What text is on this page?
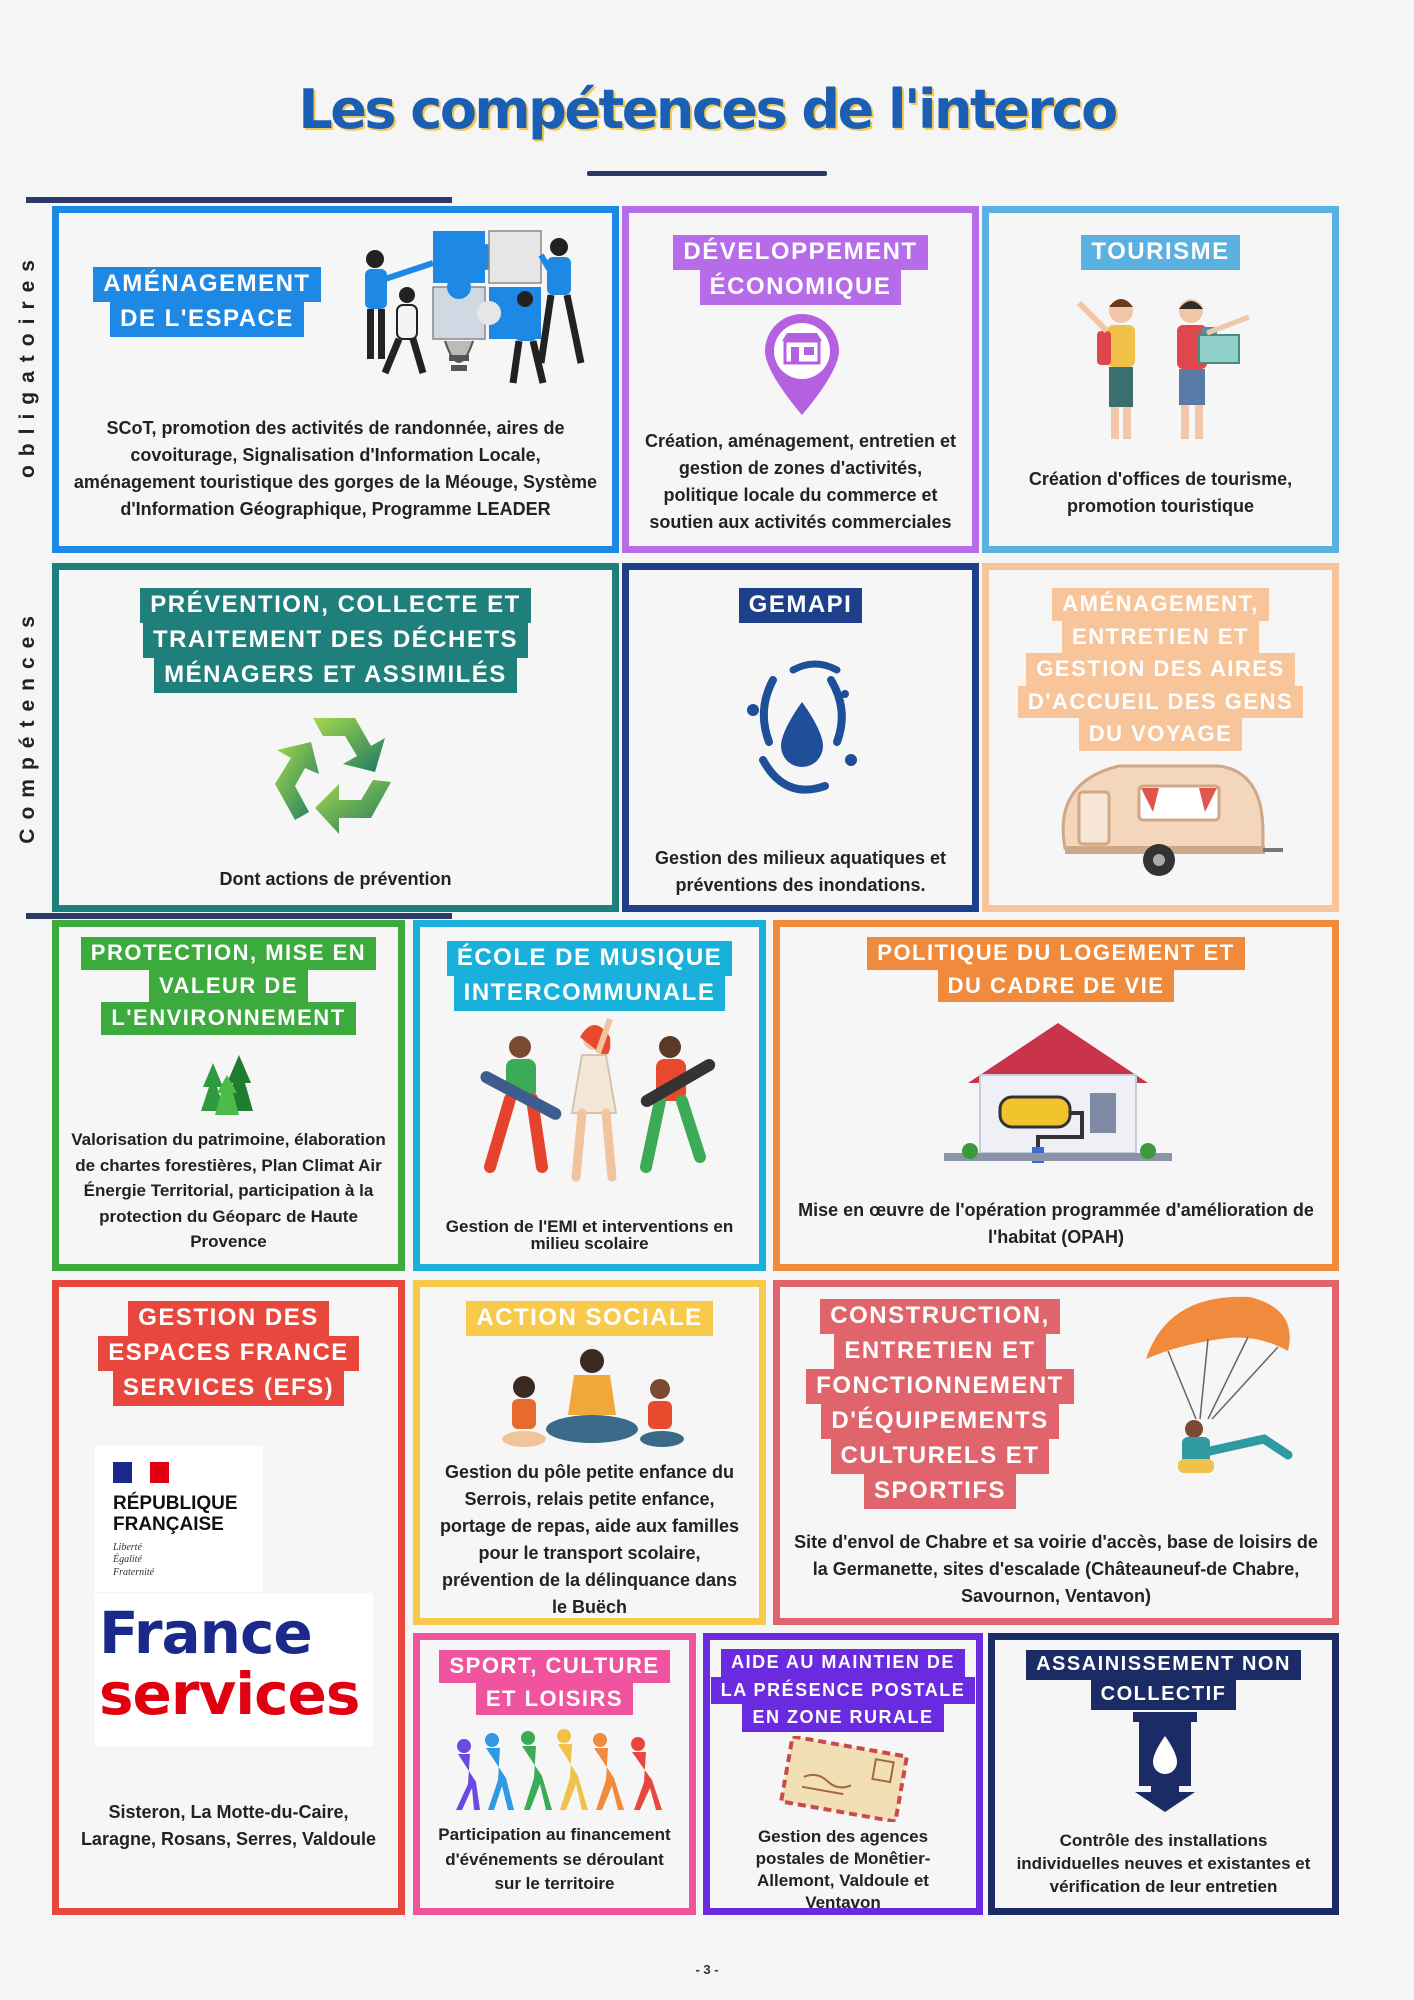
Les compétences de l'interco
obligatoires
Compétences
AMÉNAGEMENT
DE L'ESPACE
SCoT, promotion des activités de randonnée, aires de covoiturage, Signalisation d'Information Locale, aménagement touristique des gorges de la Méouge, Système d'Information Géographique, Programme LEADER
DÉVELOPPEMENT
ÉCONOMIQUE
Création, aménagement, entretien et gestion de zones d'activités, politique locale du commerce et soutien aux activités commerciales
TOURISME
Création d'offices de tourisme, promotion touristique
PRÉVENTION, COLLECTE ET
TRAITEMENT DES DÉCHETS
MÉNAGERS ET ASSIMILÉS
Dont actions de prévention
GEMAPI
Gestion des milieux aquatiques et préventions des inondations.
AMÉNAGEMENT,
ENTRETIEN ET
GESTION DES AIRES
D'ACCUEIL DES GENS
DU VOYAGE
PROTECTION, MISE EN
VALEUR DE
L'ENVIRONNEMENT
Valorisation du patrimoine, élaboration de chartes forestières, Plan Climat Air Énergie Territorial, participation à la protection du Géoparc de Haute Provence
ÉCOLE DE MUSIQUE
INTERCOMMUNALE
Gestion de l'EMI et interventions en milieu scolaire
POLITIQUE DU LOGEMENT ET
DU CADRE DE VIE
Mise en œuvre de l'opération programmée d'amélioration de l'habitat (OPAH)
GESTION DES
ESPACES FRANCE
SERVICES (EFS)
Sisteron, La Motte-du-Caire, Laragne, Rosans, Serres, Valdoule
RÉPUBLIQUE
FRANÇAISE
Liberté
Égalité
Fraternité
France
services
ACTION SOCIALE
Gestion du pôle petite enfance du Serrois, relais petite enfance, portage de repas, aide aux familles pour le transport scolaire, prévention de la délinquance dans le Buëch
CONSTRUCTION,
ENTRETIEN ET
FONCTIONNEMENT
D'ÉQUIPEMENTS
CULTURELS ET
SPORTIFS
Site d'envol de Chabre et sa voirie d'accès, base de loisirs de la Germanette, sites d'escalade (Châteauneuf-de Chabre, Savournon, Ventavon)
SPORT, CULTURE
ET LOISIRS
Participation au financement d'événements se déroulant sur le territoire
AIDE AU MAINTIEN DE
LA PRÉSENCE POSTALE
EN ZONE RURALE
Gestion des agences postales de Monêtier-Allemont, Valdoule et Ventavon
ASSAINISSEMENT NON
COLLECTIF
Contrôle des installations individuelles neuves et existantes et vérification de leur entretien
- 3 -
